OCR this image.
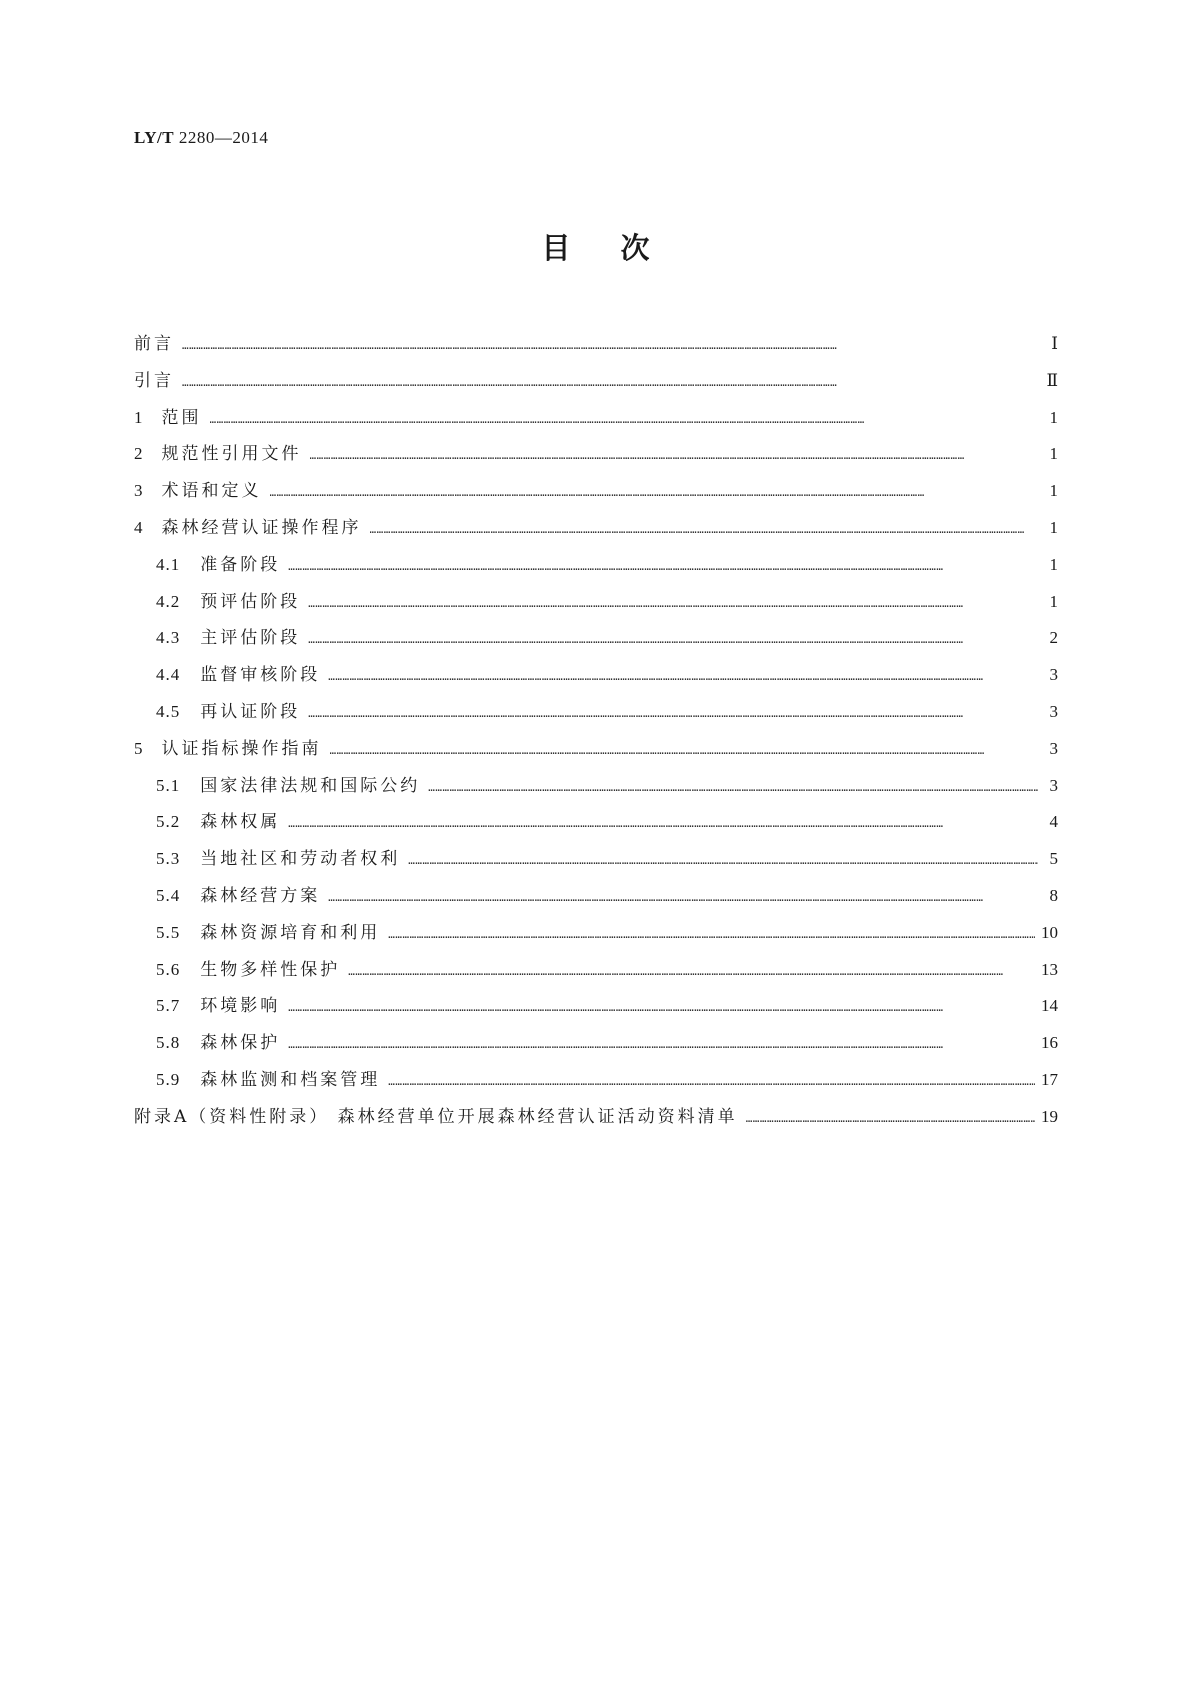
LY/T 2280—2014
目次
前言 ……………………………………………………………………………………………………………………………………………………………………………………………………………………………………………………	Ⅰ
引言 ……………………………………………………………………………………………………………………………………………………………………………………………………………………………………………………	Ⅱ
1 范围 ……………………………………………………………………………………………………………………………………………………………………………………………………………………………………………………	1
2 规范性引用文件 ……………………………………………………………………………………………………………………………………………………………………………………………………………………………………………………	1
3 术语和定义 ……………………………………………………………………………………………………………………………………………………………………………………………………………………………………………………	1
4 森林经营认证操作程序 ……………………………………………………………………………………………………………………………………………………………………………………………………………………………………………………	1
4.1 准备阶段 ……………………………………………………………………………………………………………………………………………………………………………………………………………………………………………………	1
4.2 预评估阶段 ……………………………………………………………………………………………………………………………………………………………………………………………………………………………………………………	1
4.3 主评估阶段 ……………………………………………………………………………………………………………………………………………………………………………………………………………………………………………………	2
4.4 监督审核阶段 ……………………………………………………………………………………………………………………………………………………………………………………………………………………………………………………	3
4.5 再认证阶段 ……………………………………………………………………………………………………………………………………………………………………………………………………………………………………………………	3
5 认证指标操作指南 ……………………………………………………………………………………………………………………………………………………………………………………………………………………………………………………	3
5.1 国家法律法规和国际公约 ……………………………………………………………………………………………………………………………………………………………………………………………………………………………………………………	3
5.2 森林权属 ……………………………………………………………………………………………………………………………………………………………………………………………………………………………………………………	4
5.3 当地社区和劳动者权利 ……………………………………………………………………………………………………………………………………………………………………………………………………………………………………………………	5
5.4 森林经营方案 ……………………………………………………………………………………………………………………………………………………………………………………………………………………………………………………	8
5.5 森林资源培育和利用 ……………………………………………………………………………………………………………………………………………………………………………………………………………………………………………………	10
5.6 生物多样性保护 ……………………………………………………………………………………………………………………………………………………………………………………………………………………………………………………	13
5.7 环境影响 ……………………………………………………………………………………………………………………………………………………………………………………………………………………………………………………	14
5.8 森林保护 ……………………………………………………………………………………………………………………………………………………………………………………………………………………………………………………	16
5.9 森林监测和档案管理 ……………………………………………………………………………………………………………………………………………………………………………………………………………………………………………………	17
附录A（资料性附录） 森林经营单位开展森林经营认证活动资料清单 ……………………………………………………………………………………………………………………………………………………………………………………………………………………………………………………	19
